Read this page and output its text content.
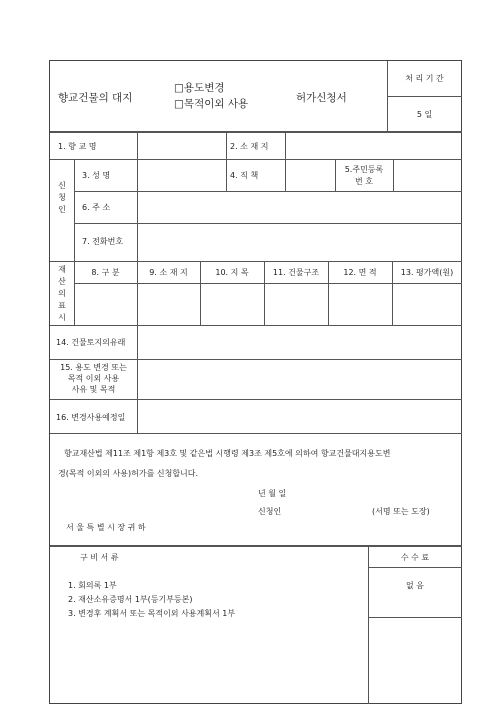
향교건물의 대지
□용도변경
□목적이외 사용	허가신청서
처 리 기 간
5 일
1. 향 교 명	2. 소 재 지
신청인
3. 성 명	4. 직 책
5.주민등록
번 호
6. 주 소
7. 전화번호
재산의표시
8. 구 분	9. 소 재 지	10. 지 목	11. 건물구조	12. 면 적	13. 평가액(원)
14. 건물토지의유래
15. 용도 변경 또는
목적 이외 사용
사유 및 목적
16. 변경사용예정일
향교재산법 제11조 제1항 제3호 및 같은법 시행령 제3조 제5호에 의하여 향교건물대지용도변
경(목적 이외의 사용)허가를 신청합니다.
년 월 일
신청인	(서명 또는 도장)
서 울 특 별 시 장 귀 하
구 비 서 류
1. 회의록 1부
2. 재산소유증명서 1부(등기부등본)
3. 변경후 계획서 또는 목적이외 사용계획서 1부
수 수 료
없 음
